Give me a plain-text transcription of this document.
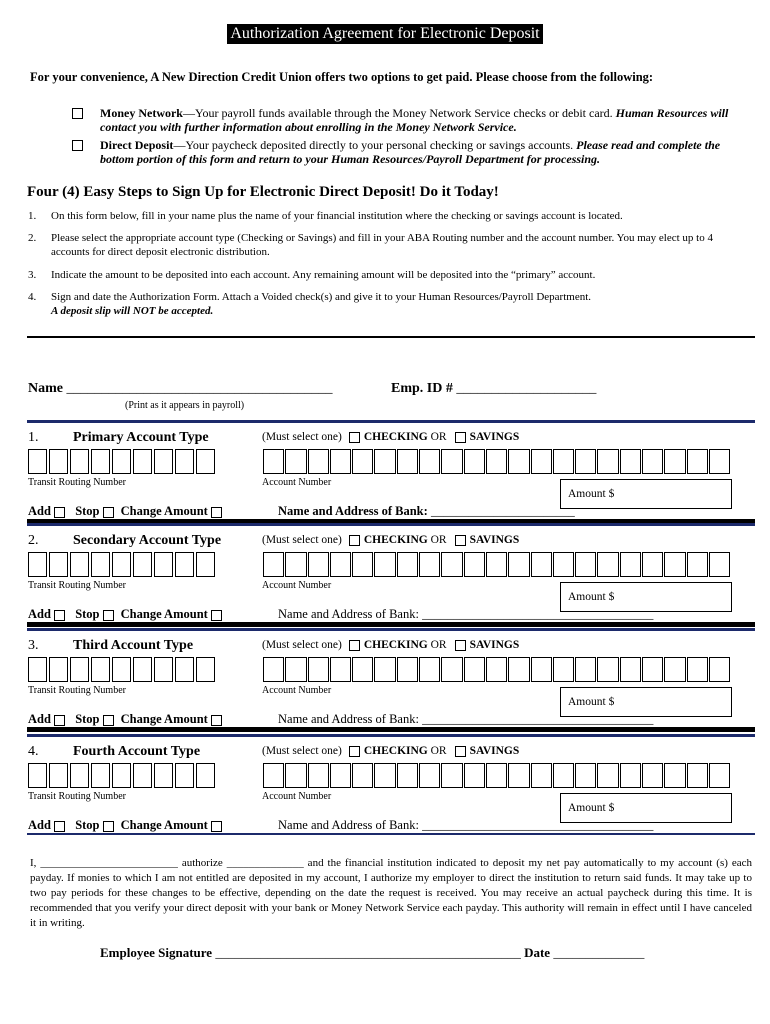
Authorization Agreement for Electronic Deposit
For your convenience, A New Direction Credit Union offers two options to get paid. Please choose from the following:
Money Network—Your payroll funds available through the Money Network Service checks or debit card. Human Resources will contact you with further information about enrolling in the Money Network Service.
Direct Deposit—Your paycheck deposited directly to your personal checking or savings accounts. Please read and complete the bottom portion of this form and return to your Human Resources/Payroll Department for processing.
Four (4) Easy Steps to Sign Up for Electronic Direct Deposit! Do it Today!
1. On this form below, fill in your name plus the name of your financial institution where the checking or savings account is located.
2. Please select the appropriate account type (Checking or Savings) and fill in your ABA Routing number and the account number. You may elect up to 4 accounts for direct deposit electronic distribution.
3. Indicate the amount to be deposited into each account. Any remaining amount will be deposited into the “primary” account.
4. Sign and date the Authorization Form. Attach a Voided check(s) and give it to your Human Resources/Payroll Department.
A deposit slip will NOT be accepted.
Name ______________________________________
(Print as it appears in payroll)
Emp. ID # ____________________
1. Primary Account Type	(Must select one) CHECKING OR SAVINGS
Transit Routing Number	Account Number
Amount $
Add Stop Change Amount	Name and Address of Bank: _______________________
2. Secondary Account Type	(Must select one) CHECKING OR SAVINGS
Transit Routing Number	Account Number
Amount $
Add Stop Change Amount	Name and Address of Bank: _____________________________________
3. Third Account Type	(Must select one) CHECKING OR SAVINGS
Transit Routing Number	Account Number
Amount $
Add Stop Change Amount	Name and Address of Bank: _____________________________________
4. Fourth Account Type	(Must select one) CHECKING OR SAVINGS
Transit Routing Number	Account Number
Amount $
Add Stop Change Amount	Name and Address of Bank: _____________________________________
I, _________________________ authorize ______________ and the financial institution indicated to deposit my net pay automatically to my account (s) each payday. If monies to which I am not entitled are deposited in my account, I authorize my employer to direct the institution to return said funds. It may take up to two pay periods for these changes to be effective, depending on the date the request is received. You may receive an actual paycheck during this time. It is recommended that you verify your direct deposit with your bank or Money Network Service each payday. This authority will remain in effect until I have canceled it in writing.
Employee Signature _______________________________________________ Date ______________
